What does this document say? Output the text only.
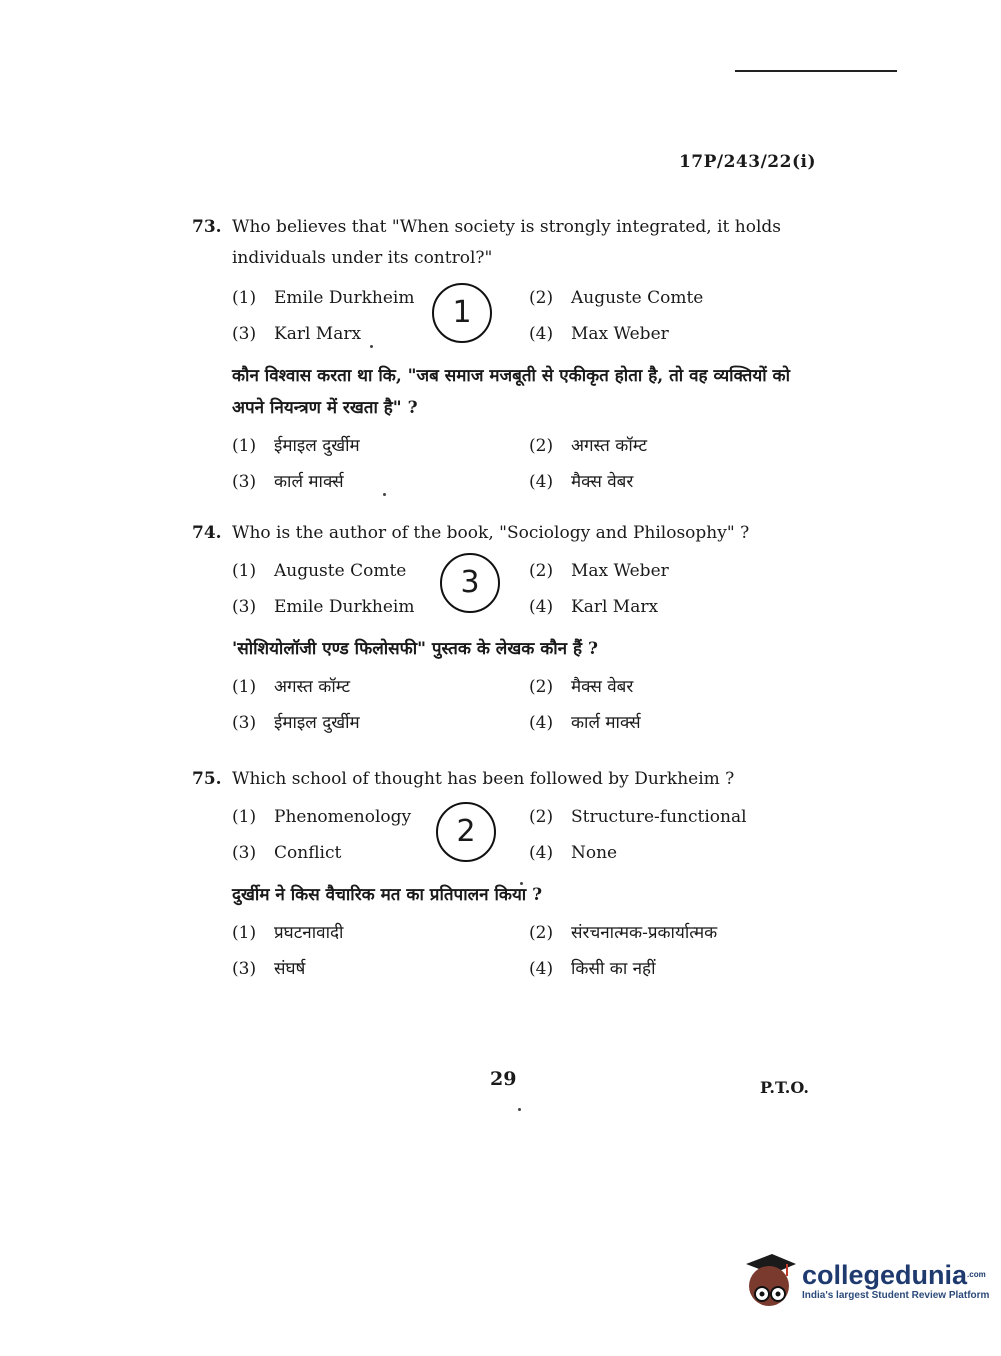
17P/243/22(i)
73. Who believes that "When society is strongly integrated, it holds individuals under its control?"
(1) Emile Durkheim	(2) Auguste Comte
(3) Karl Marx	(4) Max Weber
कौन विश्वास करता था कि, "जब समाज मजबूती से एकीकृत होता है, तो वह व्यक्तियों को अपने नियन्त्रण में रखता है" ?
(1) ईमाइल दुर्खीम	(2) अगस्त कॉम्ट
(3) कार्ल मार्क्स	(4) मैक्स वेबर
1
74. Who is the author of the book, "Sociology and Philosophy" ?
(1) Auguste Comte	(2) Max Weber
(3) Emile Durkheim	(4) Karl Marx
'सोशियोलॉजी एण्ड फिलोसफी" पुस्तक के लेखक कौन हैं ?
(1) अगस्त कॉम्ट	(2) मैक्स वेबर
(3) ईमाइल दुर्खीम	(4) कार्ल मार्क्स
3
75. Which school of thought has been followed by Durkheim ?
(1) Phenomenology	(2) Structure-functional
(3) Conflict	(4) None
दुर्खीम ने किस वैचारिक मत का प्रतिपालन किया ?
(1) प्रघटनावादी	(2) संरचनात्मक-प्रकार्यात्मक
(3) संघर्ष	(4) किसी का नहीं
2
29	P.T.O.
collegedunia$^{.com}$
India's largest Student Review Platform
